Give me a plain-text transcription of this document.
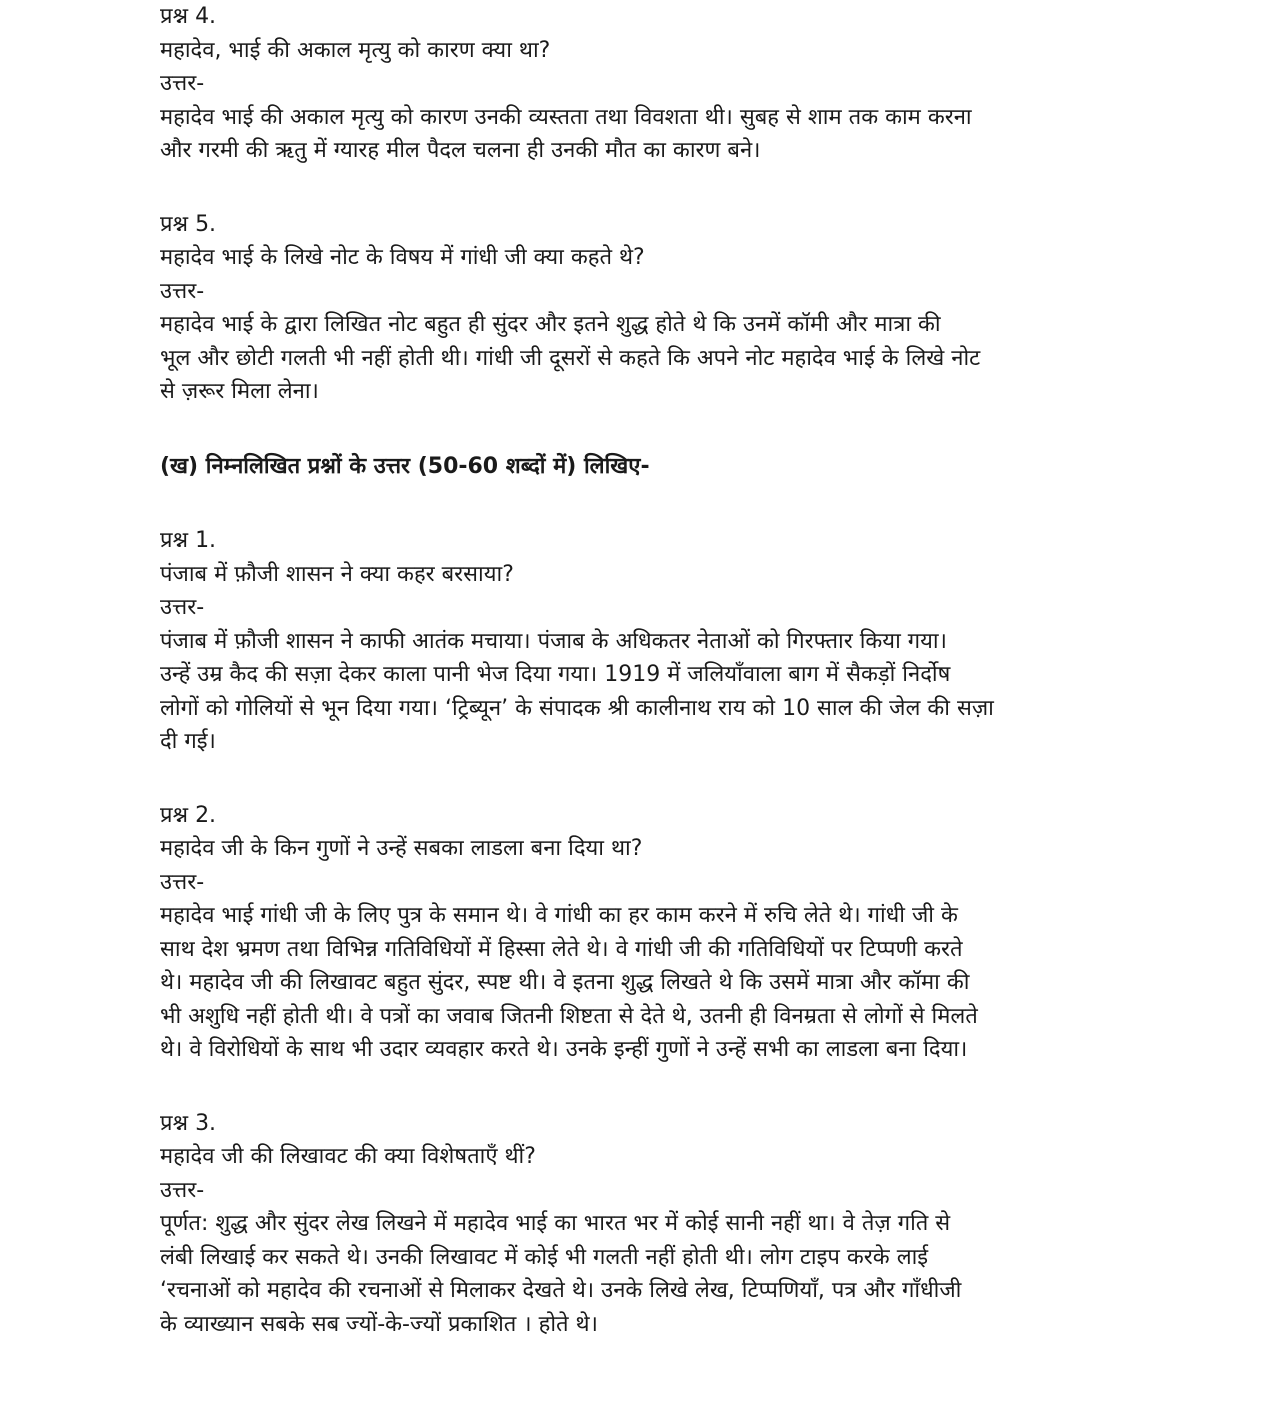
प्रश्न 4.
महादेव, भाई की अकाल मृत्यु को कारण क्या था?
उत्तर-
महादेव भाई की अकाल मृत्यु को कारण उनकी व्यस्तता तथा विवशता थी। सुबह से शाम तक काम करना
और गरमी की ऋतु में ग्यारह मील पैदल चलना ही उनकी मौत का कारण बने।
प्रश्न 5.
महादेव भाई के लिखे नोट के विषय में गांधी जी क्या कहते थे?
उत्तर-
महादेव भाई के द्वारा लिखित नोट बहुत ही सुंदर और इतने शुद्ध होते थे कि उनमें कॉमी और मात्रा की
भूल और छोटी गलती भी नहीं होती थी। गांधी जी दूसरों से कहते कि अपने नोट महादेव भाई के लिखे नोट
से ज़रूर मिला लेना।
(ख) निम्नलिखित प्रश्नों के उत्तर (50-60 शब्दों में) लिखिए-
प्रश्न 1.
पंजाब में फ़ौजी शासन ने क्या कहर बरसाया?
उत्तर-
पंजाब में फ़ौजी शासन ने काफी आतंक मचाया। पंजाब के अधिकतर नेताओं को गिरफ्तार किया गया।
उन्हें उम्र कैद की सज़ा देकर काला पानी भेज दिया गया। 1919 में जलियाँवाला बाग में सैकड़ों निर्दोष
लोगों को गोलियों से भून दिया गया। ‘ट्रिब्यून’ के संपादक श्री कालीनाथ राय को 10 साल की जेल की सज़ा
दी गई।
प्रश्न 2.
महादेव जी के किन गुणों ने उन्हें सबका लाडला बना दिया था?
उत्तर-
महादेव भाई गांधी जी के लिए पुत्र के समान थे। वे गांधी का हर काम करने में रुचि लेते थे। गांधी जी के
साथ देश भ्रमण तथा विभिन्न गतिविधियों में हिस्सा लेते थे। वे गांधी जी की गतिविधियों पर टिप्पणी करते
थे। महादेव जी की लिखावट बहुत सुंदर, स्पष्ट थी। वे इतना शुद्ध लिखते थे कि उसमें मात्रा और कॉमा की
भी अशुधि नहीं होती थी। वे पत्रों का जवाब जितनी शिष्टता से देते थे, उतनी ही विनम्रता से लोगों से मिलते
थे। वे विरोधियों के साथ भी उदार व्यवहार करते थे। उनके इन्हीं गुणों ने उन्हें सभी का लाडला बना दिया।
प्रश्न 3.
महादेव जी की लिखावट की क्या विशेषताएँ थीं?
उत्तर-
पूर्णत: शुद्ध और सुंदर लेख लिखने में महादेव भाई का भारत भर में कोई सानी नहीं था। वे तेज़ गति से
लंबी लिखाई कर सकते थे। उनकी लिखावट में कोई भी गलती नहीं होती थी। लोग टाइप करके लाई
‘रचनाओं को महादेव की रचनाओं से मिलाकर देखते थे। उनके लिखे लेख, टिप्पणियाँ, पत्र और गाँधीजी
के व्याख्यान सबके सब ज्यों-के-ज्यों प्रकाशित । होते थे।
